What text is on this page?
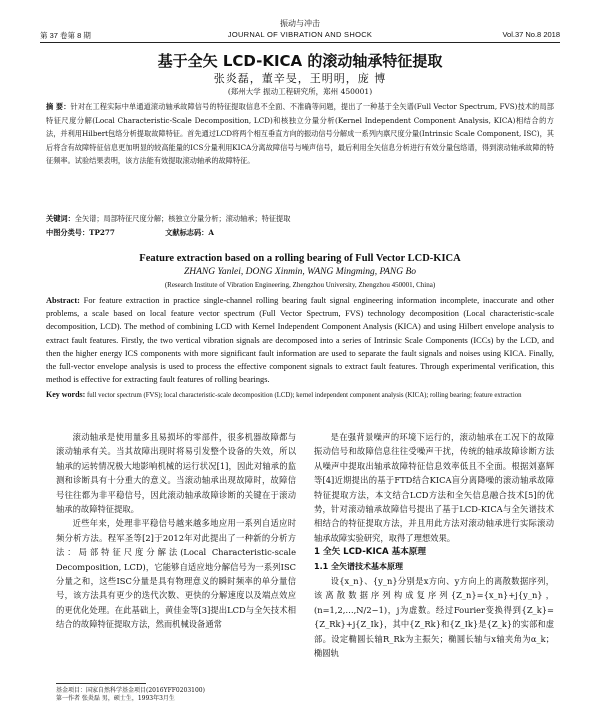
振动与冲击
第 37 卷第 8 期	JOURNAL OF VIBRATION AND SHOCK	Vol.37 No.8 2018
基于全矢 LCD-KICA 的滚动轴承特征提取
张炎磊，董辛旻，王明明，庞 博
(郑州大学 振动工程研究所，郑州 450001)
摘 要：针对在工程实际中单通道滚动轴承故障信号的特征提取信息不全面、不准确等问题，提出了一种基于全矢谱(Full Vector Spectrum, FVS)技术的局部特征尺度分解(Local Characteristic-Scale Decomposition, LCD)和核独立分量分析(Kernel Independent Component Analysis, KICA)相结合的方法，并利用Hilbert包络分析提取故障特征。首先通过LCD将两个相互垂直方向的振动信号分解成一系列内禀尺度分量(Intrinsic Scale Component, ISC)，其后将含有故障特征信息更加明显的较高能量的ICS分量利用KICA分离故障信号与噪声信号，最后利用全矢信息分析进行有效分量包络谱，得到滚动轴承故障的特征频率。试验结果表明，该方法能有效提取滚动轴承的故障特征。
关键词：全矢谱；局部特征尺度分解；核独立分量分析；滚动轴承；特征提取
中图分类号：TP277	文献标志码：A
Feature extraction based on a rolling bearing of Full Vector LCD-KICA
ZHANG Yanlei, DONG Xinmin, WANG Mingming, PANG Bo
(Research Institute of Vibration Engineering, Zhengzhou University, Zhengzhou 450001, China)
Abstract: For feature extraction in practice single-channel rolling bearing fault signal engineering information incomplete, inaccurate and other problems, a scale based on local feature vector spectrum (Full Vector Spectrum, FVS) technology decomposition (Local characteristic-scale decomposition, LCD). The method of combining LCD with Kernel Independent Component Analysis (KICA) and using Hilbert envelope analysis to extract fault features. Firstly, the two vertical vibration signals are decomposed into a series of Intrinsic Scale Components (ICCs) by the LCD, and then the higher energy ICS components with more significant fault information are used to separate the fault signals and noises using KICA. Finally, the full-vector envelope analysis is used to process the effective component signals to extract fault features. Through experimental verification, this method is effective for extracting fault features of rolling bearings.
Key words: full vector spectrum (FVS); local characteristic-scale decomposition (LCD); kernel independent component analysis (KICA); rolling bearing; feature extraction

滚动轴承是使用量多且易损坏的零部件，很多机器故障都与滚动轴承有关。当其故障出现时将易引发整个设备的失效，所以轴承的运转情况极大地影响机械的运行状况[1]，因此对轴承的监测和诊断具有十分重大的意义。当滚动轴承出现故障时，故障信号往往都为非平稳信号，因此滚动轴承故障诊断的关键在于滚动轴承的故障特征提取。

近些年来，处理非平稳信号越来越多地应用一系列自适应时频分析方法。程军圣等[2]于2012年对此提出了一种新的分析方法：局部特征尺度分解法(Local Characteristic-scale Decomposition, LCD)，它能够自适应地分解信号为一系列ISC分量之和，这些ISC分量是具有物理意义的瞬时频率的单分量信号，该方法具有更少的迭代次数、更快的分解速度以及端点效应的更优化处理。在此基础上，黄佳金等[3]提出LCD与全矢技术相结合的故障特征提取方法，然而机械设备通常

是在强背景噪声的环境下运行的，滚动轴承在工况下的故障振动信号和故障信息往往受噪声干扰，传统的轴承故障诊断方法从噪声中提取出轴承故障特征信息效率低且不全面。根据刘嘉辉等[4]近期提出的基于FTD结合KICA盲分离降噪的滚动轴承故障特征提取方法，本文结合LCD方法和全矢信息融合技术[5]的优势，针对滚动轴承故障信号提出了基于LCD-KICA与全矢谱技术相结合的特征提取方法，并且用此方法对滚动轴承进行实际滚动轴承故障实验研究，取得了理想效果。

1 全矢 LCD-KICA 基本原理

1.1 全矢谱技术基本原理

设{x_n}、{y_n}分别是x方向、y方向上的离散数据序列，该离散数据序列构成复序列{Z_n}={x_n}+j{y_n}，(n=1,2,…,N/2−1)，j为虚数。经过Fourier变换得到{Z_k}={Z_Rk}+j{Z_Ik}，其中{Z_Rk}和{Z_Ik}是{Z_k}的实部和虚部。设定椭圆长轴R_Rk为主振矢；椭圆长轴与x轴夹角为α_k；椭圆轨

基金项目：国家自然科学基金项目(2016YFF0203100)
第一作者 张炎磊 男，硕士生，1993年3月生
